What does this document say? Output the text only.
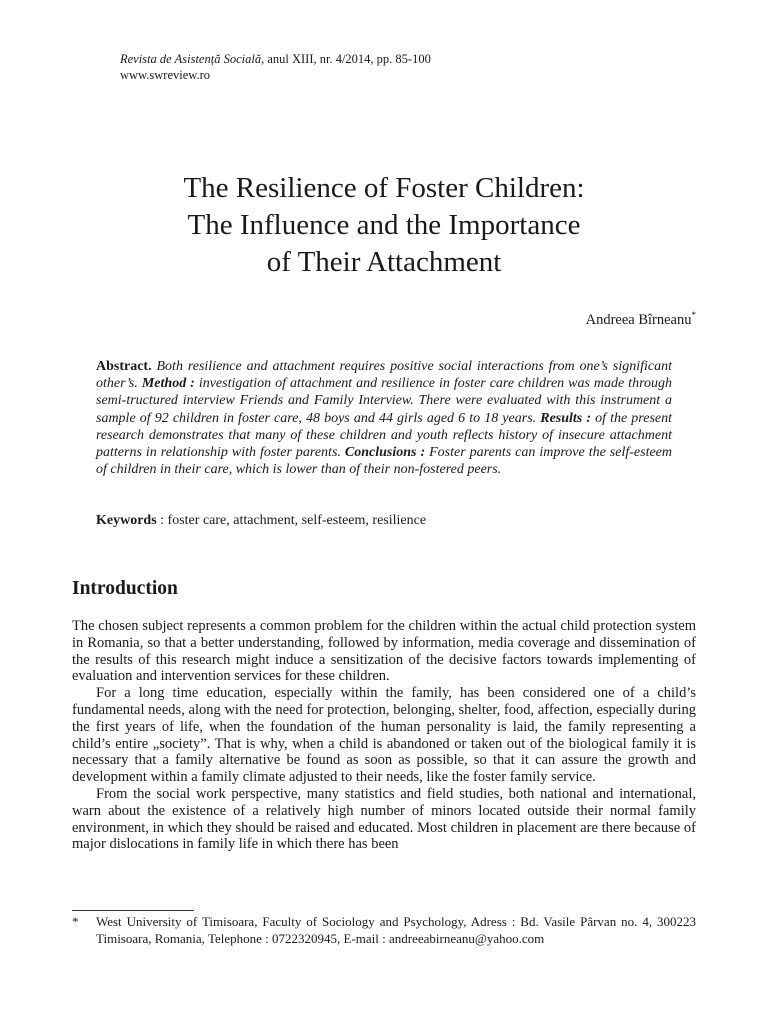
Revista de Asistență Socială, anul XIII, nr. 4/2014, pp. 85-100
www.swreview.ro
The Resilience of Foster Children:
The Influence and the Importance
of Their Attachment
Andreea Bîrneanu*

Abstract. Both resilience and attachment requires positive social interactions from one’s significant other’s. Method : investigation of attachment and resilience in foster care children was made through semi-tructured interview Friends and Family Interview. There were evaluated with this instrument a sample of 92 children in foster care, 48 boys and 44 girls aged 6 to 18 years. Results : of the present research demonstrates that many of these children and youth reflects history of insecure attachment patterns in relationship with foster parents. Conclusions : Foster parents can improve the self-esteem of children in their care, which is lower than of their non-fostered peers.

Keywords : foster care, attachment, self-esteem, resilience
Introduction

The chosen subject represents a common problem for the children within the actual child protection system in Romania, so that a better understanding, followed by information, media coverage and dissemination of the results of this research might induce a sensitization of the decisive factors towards implementing of evaluation and intervention services for these children.

For a long time education, especially within the family, has been considered one of a child’s fundamental needs, along with the need for protection, belonging, shelter, food, affection, especially during the first years of life, when the foundation of the human personality is laid, the family representing a child’s entire „society”. That is why, when a child is abandoned or taken out of the biological family it is necessary that a family alternative be found as soon as possible, so that it can assure the growth and development within a family climate adjusted to their needs, like the foster family service.

From the social work perspective, many statistics and field studies, both national and international, warn about the existence of a relatively high number of minors located outside their normal family environment, in which they should be raised and educated. Most children in placement are there because of major dislocations in family life in which there has been

*	West University of Timisoara, Faculty of Sociology and Psychology, Adress : Bd. Vasile Pârvan no. 4, 300223 Timisoara, Romania, Telephone : 0722320945, E-mail : andreeabirneanu@yahoo.com
